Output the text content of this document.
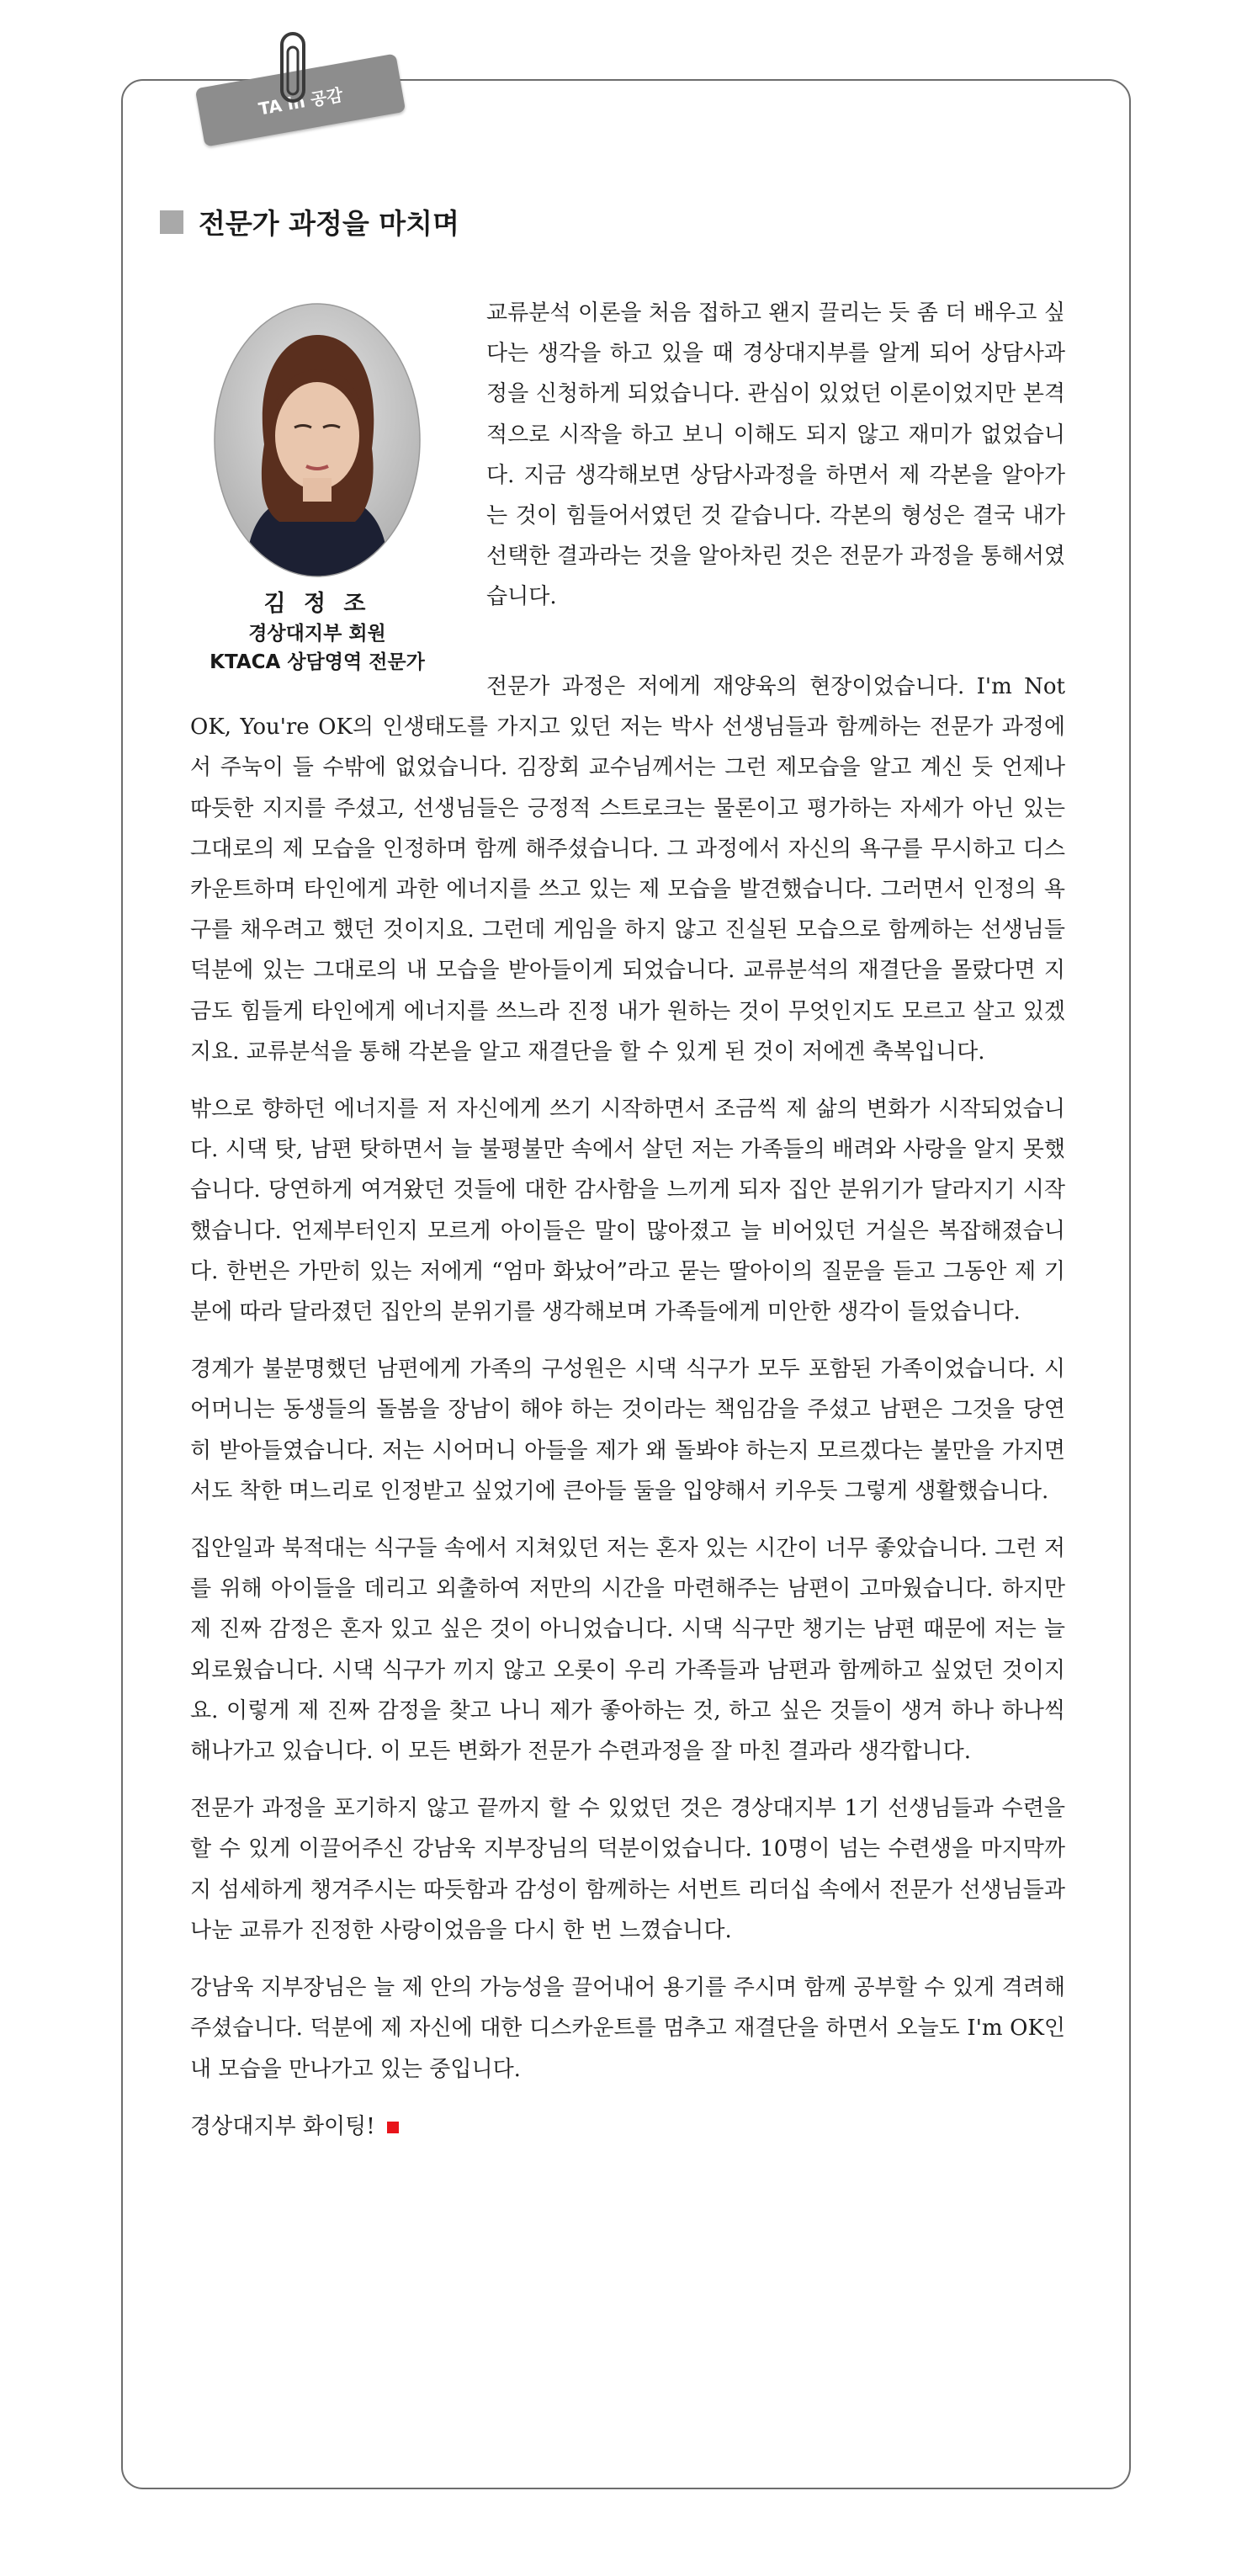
TA in 공감
전문가 과정을 마치며
김 정 조
경상대지부 회원
KTACA 상담영역 전문가

교류분석 이론을 처음 접하고 왠지 끌리는 듯 좀 더 배우고 싶다는 생각을 하고 있을 때 경상대지부를 알게 되어 상담사과정을 신청하게 되었습니다. 관심이 있었던 이론이었지만 본격적으로 시작을 하고 보니 이해도 되지 않고 재미가 없었습니다. 지금 생각해보면 상담사과정을 하면서 제 각본을 알아가는 것이 힘들어서였던 것 같습니다. 각본의 형성은 결국 내가 선택한 결과라는 것을 알아차린 것은 전문가 과정을 통해서였습니다.

전문가 과정은 저에게 재양육의 현장이었습니다. I'm Not OK, You're OK의 인생태도를 가지고 있던 저는 박사 선생님들과 함께하는 전문가 과정에서 주눅이 들 수밖에 없었습니다. 김장회 교수님께서는 그런 제모습을 알고 계신 듯 언제나 따듯한 지지를 주셨고, 선생님들은 긍정적 스트로크는 물론이고 평가하는 자세가 아닌 있는 그대로의 제 모습을 인정하며 함께 해주셨습니다. 그 과정에서 자신의 욕구를 무시하고 디스카운트하며 타인에게 과한 에너지를 쓰고 있는 제 모습을 발견했습니다. 그러면서 인정의 욕구를 채우려고 했던 것이지요. 그런데 게임을 하지 않고 진실된 모습으로 함께하는 선생님들 덕분에 있는 그대로의 내 모습을 받아들이게 되었습니다. 교류분석의 재결단을 몰랐다면 지금도 힘들게 타인에게 에너지를 쓰느라 진정 내가 원하는 것이 무엇인지도 모르고 살고 있겠지요. 교류분석을 통해 각본을 알고 재결단을 할 수 있게 된 것이 저에겐 축복입니다.

밖으로 향하던 에너지를 저 자신에게 쓰기 시작하면서 조금씩 제 삶의 변화가 시작되었습니다. 시댁 탓, 남편 탓하면서 늘 불평불만 속에서 살던 저는 가족들의 배려와 사랑을 알지 못했습니다. 당연하게 여겨왔던 것들에 대한 감사함을 느끼게 되자 집안 분위기가 달라지기 시작했습니다. 언제부터인지 모르게 아이들은 말이 많아졌고 늘 비어있던 거실은 복잡해졌습니다. 한번은 가만히 있는 저에게 “엄마 화났어”라고 묻는 딸아이의 질문을 듣고 그동안 제 기분에 따라 달라졌던 집안의 분위기를 생각해보며 가족들에게 미안한 생각이 들었습니다.

경계가 불분명했던 남편에게 가족의 구성원은 시댁 식구가 모두 포함된 가족이었습니다. 시어머니는 동생들의 돌봄을 장남이 해야 하는 것이라는 책임감을 주셨고 남편은 그것을 당연히 받아들였습니다. 저는 시어머니 아들을 제가 왜 돌봐야 하는지 모르겠다는 불만을 가지면서도 착한 며느리로 인정받고 싶었기에 큰아들 둘을 입양해서 키우듯 그렇게 생활했습니다.

집안일과 북적대는 식구들 속에서 지쳐있던 저는 혼자 있는 시간이 너무 좋았습니다. 그런 저를 위해 아이들을 데리고 외출하여 저만의 시간을 마련해주는 남편이 고마웠습니다. 하지만 제 진짜 감정은 혼자 있고 싶은 것이 아니었습니다. 시댁 식구만 챙기는 남편 때문에 저는 늘 외로웠습니다. 시댁 식구가 끼지 않고 오롯이 우리 가족들과 남편과 함께하고 싶었던 것이지요. 이렇게 제 진짜 감정을 찾고 나니 제가 좋아하는 것, 하고 싶은 것들이 생겨 하나 하나씩 해나가고 있습니다. 이 모든 변화가 전문가 수련과정을 잘 마친 결과라 생각합니다.

전문가 과정을 포기하지 않고 끝까지 할 수 있었던 것은 경상대지부 1기 선생님들과 수련을 할 수 있게 이끌어주신 강남욱 지부장님의 덕분이었습니다. 10명이 넘는 수련생을 마지막까지 섬세하게 챙겨주시는 따듯함과 감성이 함께하는 서번트 리더십 속에서 전문가 선생님들과 나눈 교류가 진정한 사랑이었음을 다시 한 번 느꼈습니다.

강남욱 지부장님은 늘 제 안의 가능성을 끌어내어 용기를 주시며 함께 공부할 수 있게 격려해주셨습니다. 덕분에 제 자신에 대한 디스카운트를 멈추고 재결단을 하면서 오늘도 I'm OK인 내 모습을 만나가고 있는 중입니다.

경상대지부 화이팅!
